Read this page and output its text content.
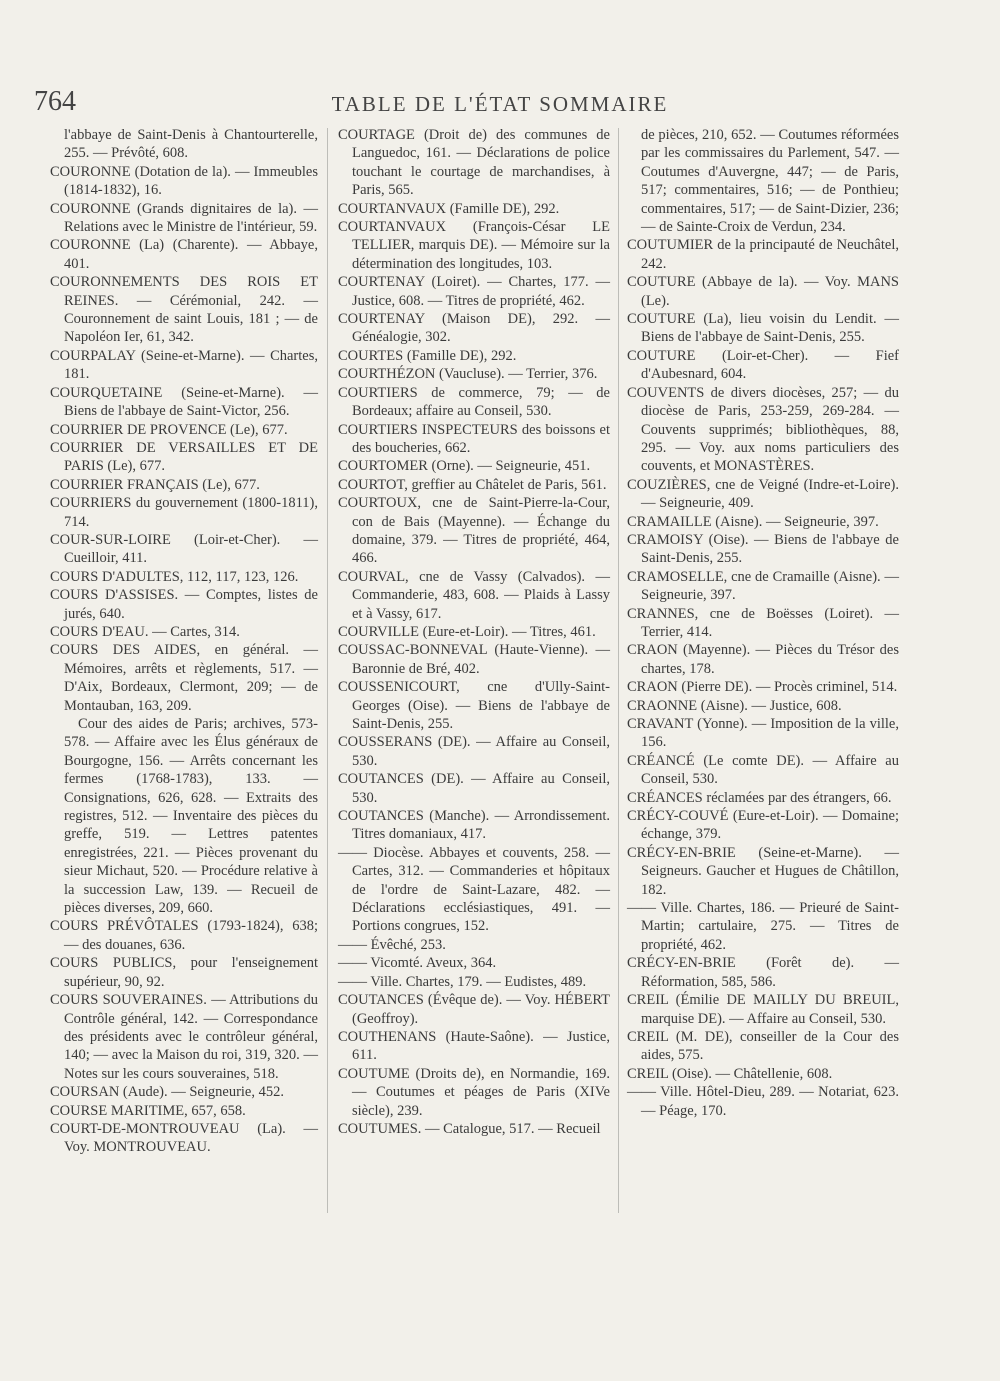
764	TABLE DE L'ÉTAT SOMMAIRE

l'abbaye de Saint-Denis à Chantourterelle, 255. — Prévôté, 608.

COURONNE (Dotation de la). — Immeubles (1814-1832), 16.

COURONNE (Grands dignitaires de la). — Relations avec le Ministre de l'intérieur, 59.

COURONNE (La) (Charente). — Abbaye, 401.

COURONNEMENTS DES ROIS ET REINES. — Cérémonial, 242. — Couronnement de saint Louis, 181 ; — de Napoléon Ier, 61, 342.

COURPALAY (Seine-et-Marne). — Chartes, 181.

COURQUETAINE (Seine-et-Marne). — Biens de l'abbaye de Saint-Victor, 256.

COURRIER DE PROVENCE (Le), 677.

COURRIER DE VERSAILLES ET DE PARIS (Le), 677.

COURRIER FRANÇAIS (Le), 677.

COURRIERS du gouvernement (1800-1811), 714.

COUR-SUR-LOIRE (Loir-et-Cher). — Cueilloir, 411.

COURS D'ADULTES, 112, 117, 123, 126.

COURS D'ASSISES. — Comptes, listes de jurés, 640.

COURS D'EAU. — Cartes, 314.

COURS DES AIDES, en général. — Mémoires, arrêts et règlements, 517. — D'Aix, Bordeaux, Clermont, 209; — de Montauban, 163, 209.

Cour des aides de Paris; archives, 573-578. — Affaire avec les Élus généraux de Bourgogne, 156. — Arrêts concernant les fermes (1768-1783), 133. — Consignations, 626, 628. — Extraits des registres, 512. — Inventaire des pièces du greffe, 519. — Lettres patentes enregistrées, 221. — Pièces provenant du sieur Michaut, 520. — Procédure relative à la succession Law, 139. — Recueil de pièces diverses, 209, 660.

COURS PRÉVÔTALES (1793-1824), 638; — des douanes, 636.

COURS PUBLICS, pour l'enseignement supérieur, 90, 92.

COURS SOUVERAINES. — Attributions du Contrôle général, 142. — Correspondance des présidents avec le contrôleur général, 140; — avec la Maison du roi, 319, 320. — Notes sur les cours souveraines, 518.

COURSAN (Aude). — Seigneurie, 452.

COURSE MARITIME, 657, 658.

COURT-DE-MONTROUVEAU (La). — Voy. MONTROUVEAU.

COURTAGE (Droit de) des communes de Languedoc, 161. — Déclarations de police touchant le courtage de marchandises, à Paris, 565.

COURTANVAUX (Famille DE), 292.

COURTANVAUX (François-César LE TELLIER, marquis DE). — Mémoire sur la détermination des longitudes, 103.

COURTENAY (Loiret). — Chartes, 177. — Justice, 608. — Titres de propriété, 462.

COURTENAY (Maison DE), 292. — Généalogie, 302.

COURTES (Famille DE), 292.

COURTHÉZON (Vaucluse). — Terrier, 376.

COURTIERS de commerce, 79; — de Bordeaux; affaire au Conseil, 530.

COURTIERS INSPECTEURS des boissons et des boucheries, 662.

COURTOMER (Orne). — Seigneurie, 451.

COURTOT, greffier au Châtelet de Paris, 561.

COURTOUX, cne de Saint-Pierre-la-Cour, con de Bais (Mayenne). — Échange du domaine, 379. — Titres de propriété, 464, 466.

COURVAL, cne de Vassy (Calvados). — Commanderie, 483, 608. — Plaids à Lassy et à Vassy, 617.

COURVILLE (Eure-et-Loir). — Titres, 461.

COUSSAC-BONNEVAL (Haute-Vienne). — Baronnie de Bré, 402.

COUSSENICOURT, cne d'Ully-Saint-Georges (Oise). — Biens de l'abbaye de Saint-Denis, 255.

COUSSERANS (DE). — Affaire au Conseil, 530.

COUTANCES (DE). — Affaire au Conseil, 530.

COUTANCES (Manche). — Arrondissement. Titres domaniaux, 417.

—— Diocèse. Abbayes et couvents, 258. — Cartes, 312. — Commanderies et hôpitaux de l'ordre de Saint-Lazare, 482. — Déclarations ecclésiastiques, 491. — Portions congrues, 152.

—— Évêché, 253.

—— Vicomté. Aveux, 364.

—— Ville. Chartes, 179. — Eudistes, 489.

COUTANCES (Évêque de). — Voy. HÉBERT (Geoffroy).

COUTHENANS (Haute-Saône). — Justice, 611.

COUTUME (Droits de), en Normandie, 169. — Coutumes et péages de Paris (XIVe siècle), 239.

COUTUMES. — Catalogue, 517. — Recueil

de pièces, 210, 652. — Coutumes réformées par les commissaires du Parlement, 547. — Coutumes d'Auvergne, 447; — de Paris, 517; commentaires, 516; — de Ponthieu; commentaires, 517; — de Saint-Dizier, 236; — de Sainte-Croix de Verdun, 234.

COUTUMIER de la principauté de Neuchâtel, 242.

COUTURE (Abbaye de la). — Voy. MANS (Le).

COUTURE (La), lieu voisin du Lendit. — Biens de l'abbaye de Saint-Denis, 255.

COUTURE (Loir-et-Cher). — Fief d'Aubesnard, 604.

COUVENTS de divers diocèses, 257; — du diocèse de Paris, 253-259, 269-284. — Couvents supprimés; bibliothèques, 88, 295. — Voy. aux noms particuliers des couvents, et MONASTÈRES.

COUZIÈRES, cne de Veigné (Indre-et-Loire). — Seigneurie, 409.

CRAMAILLE (Aisne). — Seigneurie, 397.

CRAMOISY (Oise). — Biens de l'abbaye de Saint-Denis, 255.

CRAMOSELLE, cne de Cramaille (Aisne). — Seigneurie, 397.

CRANNES, cne de Boësses (Loiret). — Terrier, 414.

CRAON (Mayenne). — Pièces du Trésor des chartes, 178.

CRAON (Pierre DE). — Procès criminel, 514.

CRAONNE (Aisne). — Justice, 608.

CRAVANT (Yonne). — Imposition de la ville, 156.

CRÉANCÉ (Le comte DE). — Affaire au Conseil, 530.

CRÉANCES réclamées par des étrangers, 66.

CRÉCY-COUVÉ (Eure-et-Loir). — Domaine; échange, 379.

CRÉCY-EN-BRIE (Seine-et-Marne). — Seigneurs. Gaucher et Hugues de Châtillon, 182.

—— Ville. Chartes, 186. — Prieuré de Saint-Martin; cartulaire, 275. — Titres de propriété, 462.

CRÉCY-EN-BRIE (Forêt de). — Réformation, 585, 586.

CREIL (Émilie DE MAILLY DU BREUIL, marquise DE). — Affaire au Conseil, 530.

CREIL (M. DE), conseiller de la Cour des aides, 575.

CREIL (Oise). — Châtellenie, 608.

—— Ville. Hôtel-Dieu, 289. — Notariat, 623. — Péage, 170.
